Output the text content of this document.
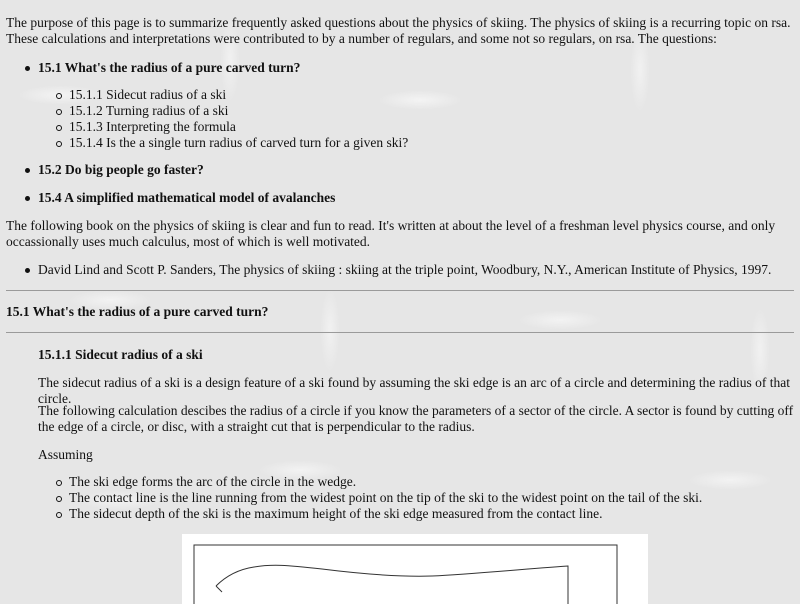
The purpose of this page is to summarize frequently asked questions about the physics of skiing. The physics of skiing is a recurring topic on rsa. These calculations and interpretations were contributed to by a number of regulars, and some not so regulars, on rsa. The questions:

15.1 What's the radius of a pure carved turn?
15.1.1 Sidecut radius of a ski
15.1.2 Turning radius of a ski
15.1.3 Interpreting the formula
15.1.4 Is the a single turn radius of carved turn for a given ski?
15.2 Do big people go faster?
15.4 A simplified mathematical model of avalanches

The following book on the physics of skiing is clear and fun to read. It's written at about the level of a freshman level physics course, and only occassionally uses much calculus, most of which is well motivated.

David Lind and Scott P. Sanders, The physics of skiing : skiing at the triple point, Woodbury, N.Y., American Institute of Physics, 1997.
15.1 What's the radius of a pure carved turn?
15.1.1 Sidecut radius of a ski

The sidecut radius of a ski is a design feature of a ski found by assuming the ski edge is an arc of a circle and determining the radius of that circle.

The following calculation descibes the radius of a circle if you know the parameters of a sector of the circle. A sector is found by cutting off the edge of a circle, or disc, with a straight cut that is perpendicular to the radius.

Assuming

The ski edge forms the arc of the circle in the wedge.
The contact line is the line running from the widest point on the tip of the ski to the widest point on the tail of the ski.
The sidecut depth of the ski is the maximum height of the ski edge measured from the contact line.
